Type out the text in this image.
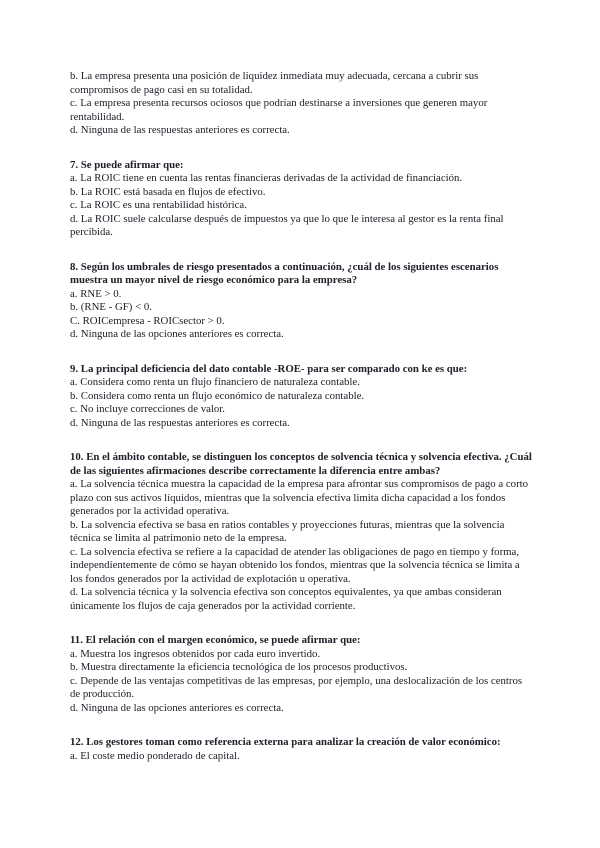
b. La empresa presenta una posición de liquidez inmediata muy adecuada, cercana a cubrir sus compromisos de pago casi en su totalidad.

c. La empresa presenta recursos ociosos que podrían destinarse a inversiones que generen mayor rentabilidad.

d. Ninguna de las respuestas anteriores es correcta.

7. Se puede afirmar que:

a. La ROIC tiene en cuenta las rentas financieras derivadas de la actividad de financiación.

b. La ROIC está basada en flujos de efectivo.

c. La ROIC es una rentabilidad histórica.

d. La ROIC suele calcularse después de impuestos ya que lo que le interesa al gestor es la renta final percibida.

8. Según los umbrales de riesgo presentados a continuación, ¿cuál de los siguientes escenarios muestra un mayor nivel de riesgo económico para la empresa?

a. RNE > 0.

b. (RNE - GF) < 0.

C. ROICempresa - ROICsector > 0.

d. Ninguna de las opciones anteriores es correcta.

9. La principal deficiencia del dato contable -ROE- para ser comparado con ke es que:

a. Considera como renta un flujo financiero de naturaleza contable.

b. Considera como renta un flujo económico de naturaleza contable.

c. No incluye correcciones de valor.

d. Ninguna de las respuestas anteriores es correcta.

10. En el ámbito contable, se distinguen los conceptos de solvencia técnica y solvencia efectiva. ¿Cuál de las siguientes afirmaciones describe correctamente la diferencia entre ambas?

a. La solvencia técnica muestra la capacidad de la empresa para afrontar sus compromisos de pago a corto plazo con sus activos líquidos, mientras que la solvencia efectiva limita dicha capacidad a los fondos generados por la actividad operativa.

b. La solvencia efectiva se basa en ratios contables y proyecciones futuras, mientras que la solvencia técnica se limita al patrimonio neto de la empresa.

c. La solvencia efectiva se refiere a la capacidad de atender las obligaciones de pago en tiempo y forma, independientemente de cómo se hayan obtenido los fondos, mientras que la solvencia técnica se limita a los fondos generados por la actividad de explotación u operativa.

d. La solvencia técnica y la solvencia efectiva son conceptos equivalentes, ya que ambas consideran únicamente los flujos de caja generados por la actividad corriente.

11. El relación con el margen económico, se puede afirmar que:

a. Muestra los ingresos obtenidos por cada euro invertido.

b. Muestra directamente la eficiencia tecnológica de los procesos productivos.

c. Depende de las ventajas competitivas de las empresas, por ejemplo, una deslocalización de los centros de producción.

d. Ninguna de las opciones anteriores es correcta.

12. Los gestores toman como referencia externa para analizar la creación de valor económico:

a. El coste medio ponderado de capital.
